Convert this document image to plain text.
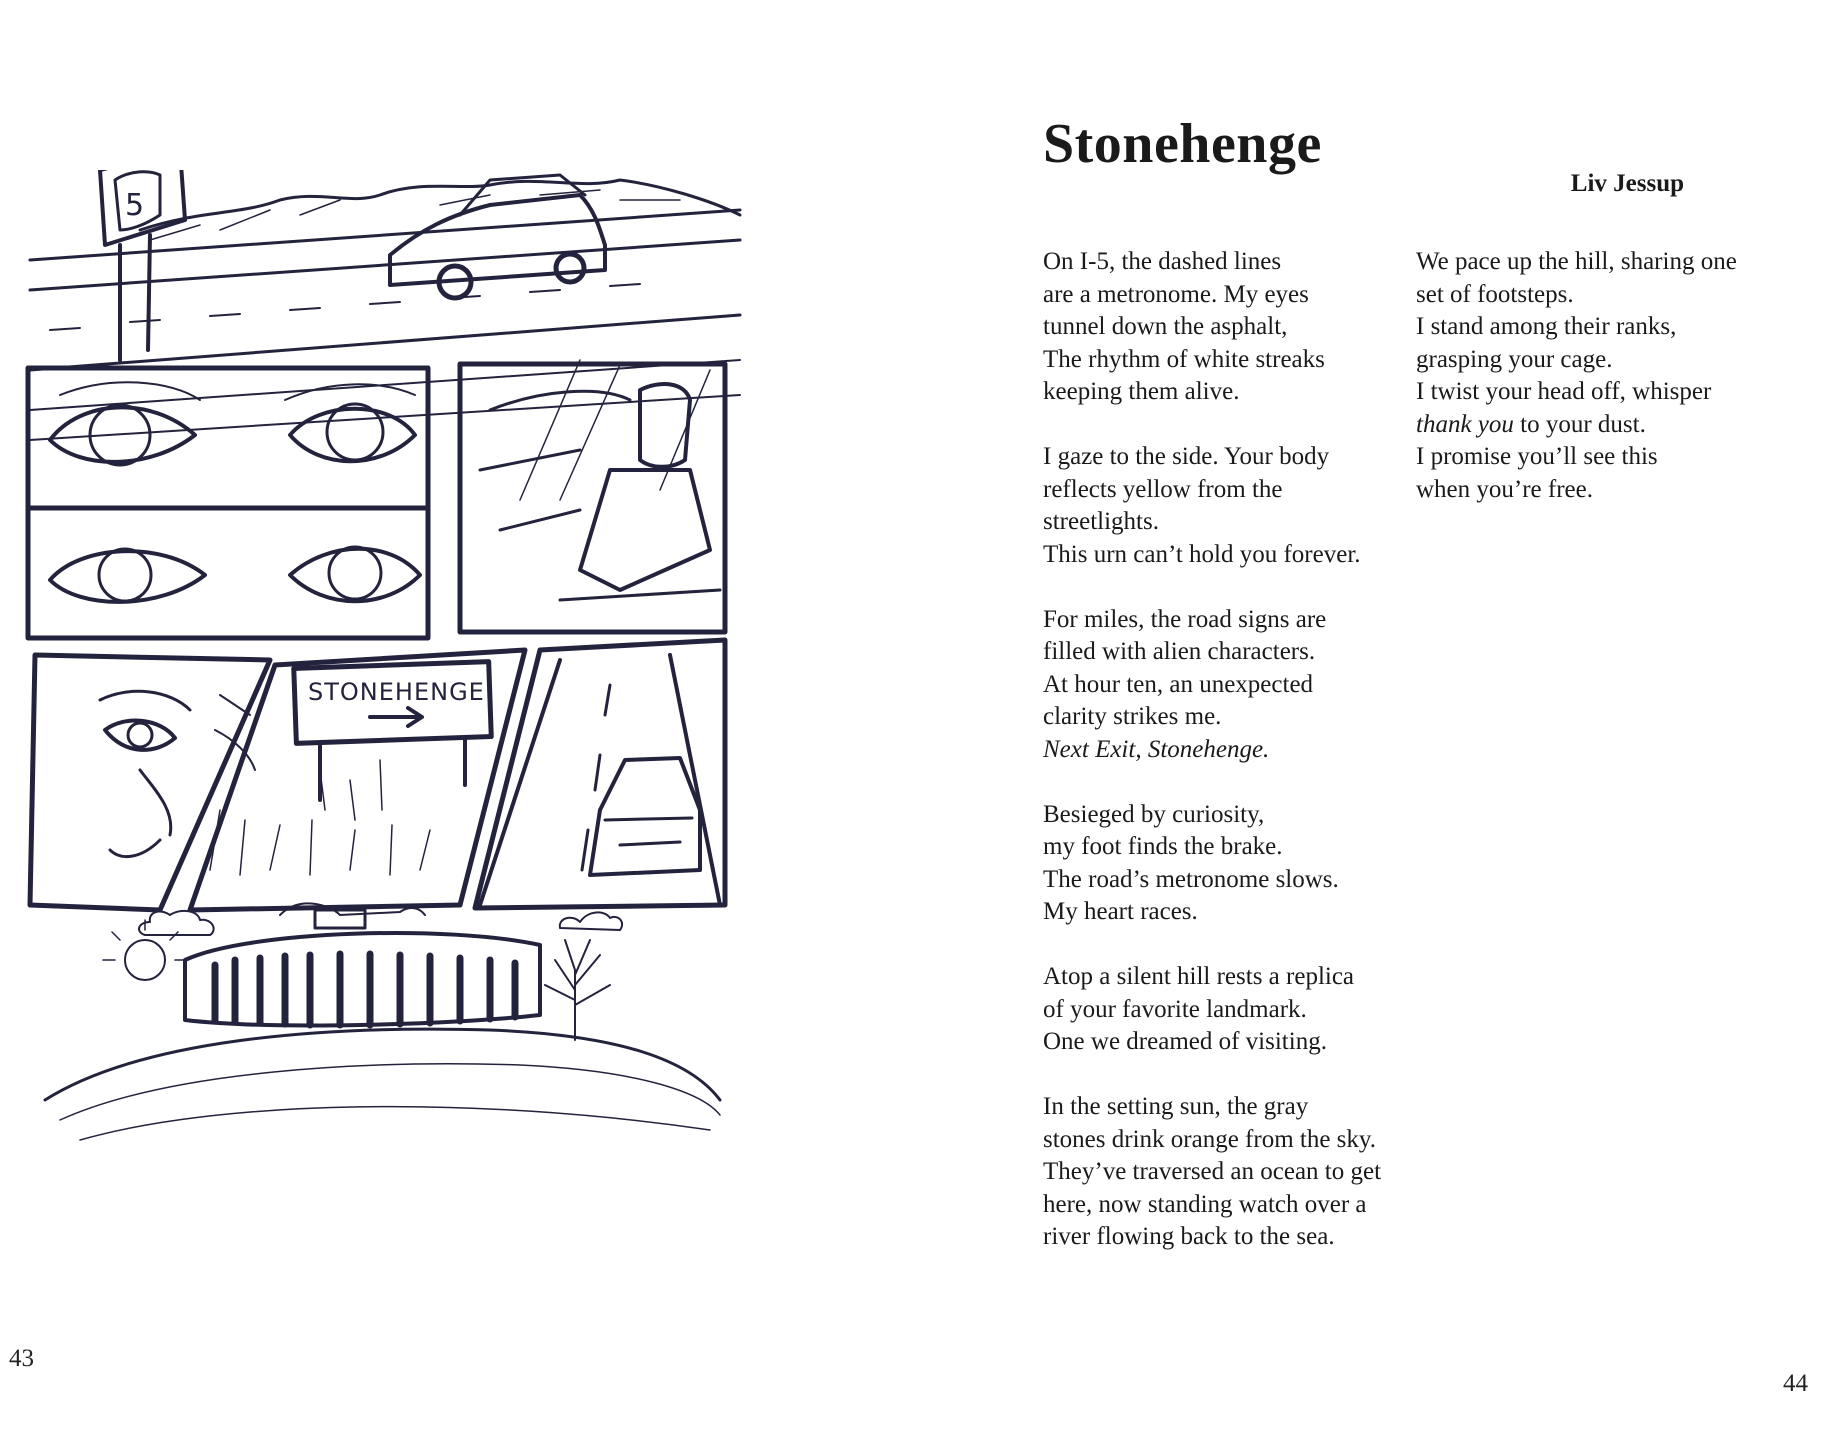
5
STONEHENGE
43
Stonehenge
Liv Jessup

On I-5, the dashed lines
are a metronome. My eyes
tunnel down the asphalt,
The rhythm of white streaks
keeping them alive.

I gaze to the side. Your body
reflects yellow from the
streetlights.
This urn can’t hold you forever.

For miles, the road signs are
filled with alien characters.
At hour ten, an unexpected
clarity strikes me.
Next Exit, Stonehenge.

Besieged by curiosity,
my foot finds the brake.
The road’s metronome slows.
My heart races.

Atop a silent hill rests a replica
of your favorite landmark.
One we dreamed of visiting.

In the setting sun, the gray
stones drink orange from the sky.
They’ve traversed an ocean to get
here, now standing watch over a
river flowing back to the sea.

We pace up the hill, sharing one
set of footsteps.
I stand among their ranks,
grasping your cage.
I twist your head off, whisper
thank you to your dust.
I promise you’ll see this
when you’re free.

44
